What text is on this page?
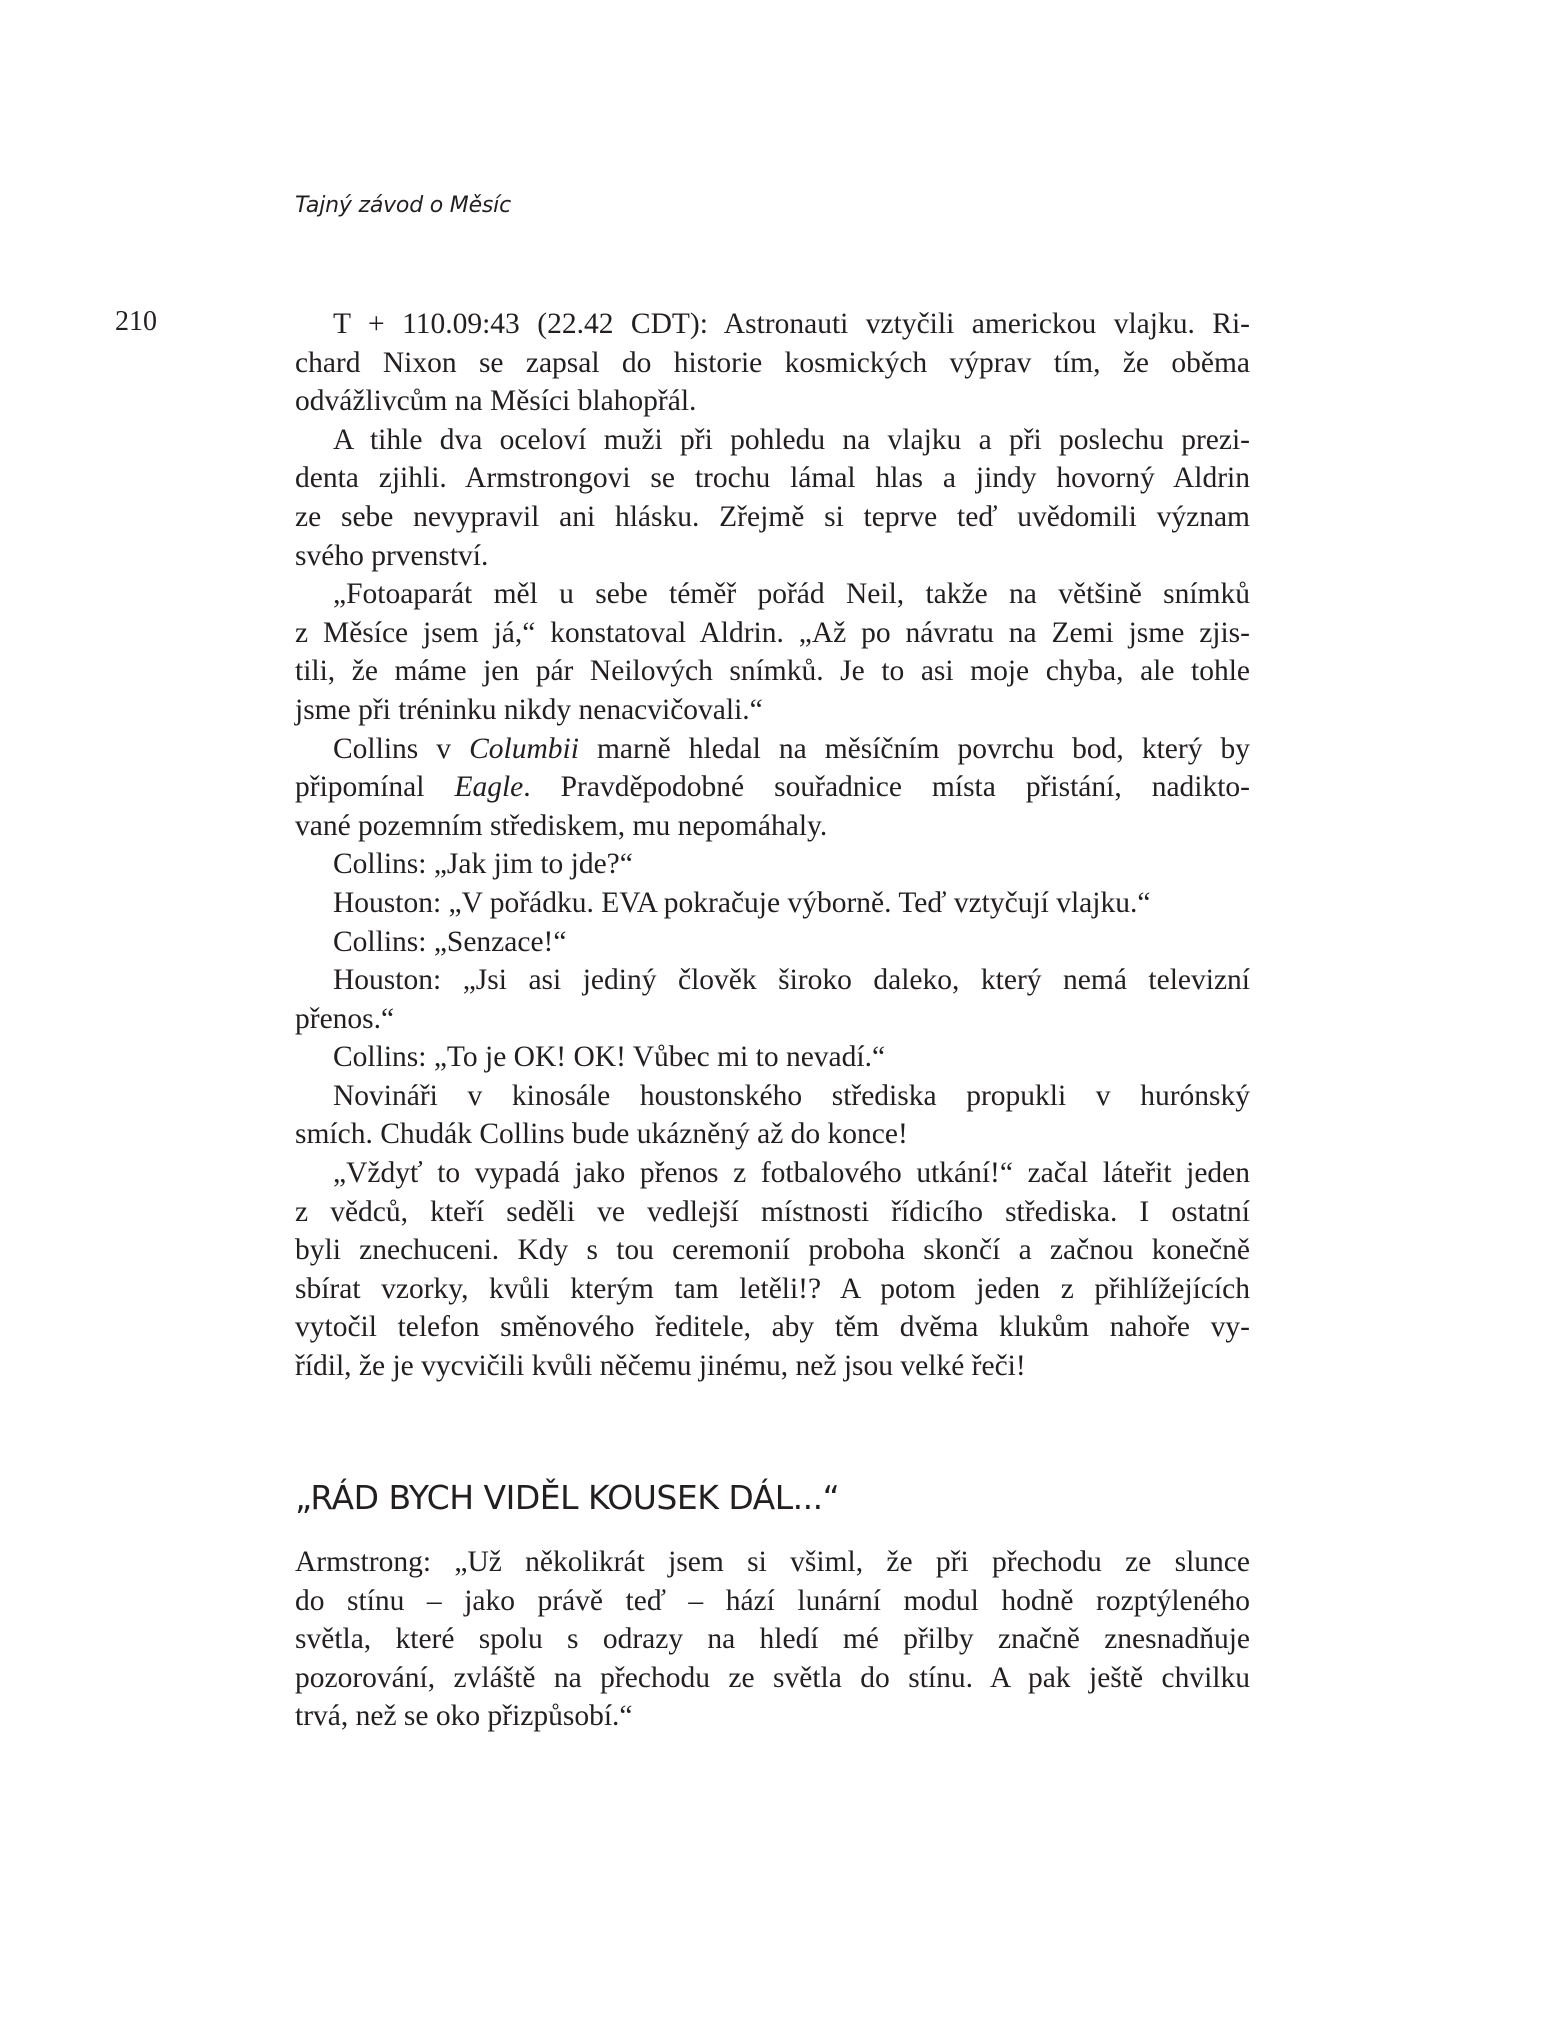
Tajný závod o Měsíc
210	T + 110.09:43 (22.42 CDT): Astronauti vztyčili americkou vlajku. Ri-
chard Nixon se zapsal do historie kosmických výprav tím, že oběma
odvážlivcům na Měsíci blahopřál.
A tihle dva oceloví muži při pohledu na vlajku a při poslechu prezi-
denta zjihli. Armstrongovi se trochu lámal hlas a jindy hovorný Aldrin
ze sebe nevypravil ani hlásku. Zřejmě si teprve teď uvědomili význam
svého prvenství.
„Fotoaparát měl u sebe téměř pořád Neil, takže na většině snímků
z Měsíce jsem já,“ konstatoval Aldrin. „Až po návratu na Zemi jsme zjis-
tili, že máme jen pár Neilových snímků. Je to asi moje chyba, ale tohle
jsme při tréninku nikdy nenacvičovali.“
Collins v Columbii marně hledal na měsíčním povrchu bod, který by
připomínal Eagle. Pravděpodobné souřadnice místa přistání, nadikto-
vané pozemním střediskem, mu nepomáhaly.
Collins: „Jak jim to jde?“
Houston: „V pořádku. EVA pokračuje výborně. Teď vztyčují vlajku.“
Collins: „Senzace!“
Houston: „Jsi asi jediný člověk široko daleko, který nemá televizní
přenos.“
Collins: „To je OK! OK! Vůbec mi to nevadí.“
Novináři v kinosále houstonského střediska propukli v hurónský
smích. Chudák Collins bude ukázněný až do konce!
„Vždyť to vypadá jako přenos z fotbalového utkání!“ začal láteřit jeden
z vědců, kteří seděli ve vedlejší místnosti řídicího střediska. I ostatní
byli znechuceni. Kdy s tou ceremonií proboha skončí a začnou konečně
sbírat vzorky, kvůli kterým tam letěli!? A potom jeden z přihlížejících
vytočil telefon směnového ředitele, aby těm dvěma klukům nahoře vy-
řídil, že je vycvičili kvůli něčemu jinému, než jsou velké řeči!
„RÁD BYCH VIDĚL KOUSEK DÁL...“
Armstrong: „Už několikrát jsem si všiml, že při přechodu ze slunce
do stínu – jako právě teď – hází lunární modul hodně rozptýleného
světla, které spolu s odrazy na hledí mé přilby značně znesnadňuje
pozorování, zvláště na přechodu ze světla do stínu. A pak ještě chvilku
trvá, než se oko přizpůsobí.“
